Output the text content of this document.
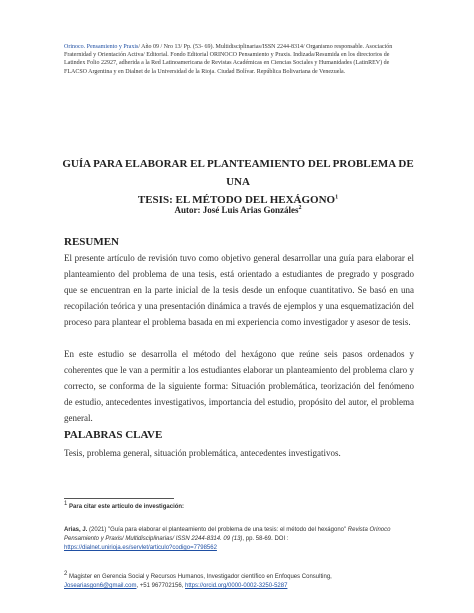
Orinoco. Pensamiento y Praxis/ Año 09 / Nro 13/ Pp. (53- 69). Multidisciplinarias/ISSN 2244-8314/ Organismo responsable. Asociación Fraternidad y Orientación Activa/ Editorial. Fondo Editorial ORINOCO Pensamiento y Praxis. Indizada/Resumida en los directorios de Latindex Folio 22927, adherida a la Red Latinoamericana de Revistas Académicas en Ciencias Sociales y Humanidades (LatinREV) de FLACSO Argentina y en Dialnet de la Universidad de la Rioja. Ciudad Bolívar. República Bolivariana de Venezuela.
GUÍA PARA ELABORAR EL PLANTEAMIENTO DEL PROBLEMA DE UNA
TESIS: EL MÉTODO DEL HEXÁGONO$^1$
Autor: José Luis Arias Gonzáles$^2$
RESUMEN
El presente artículo de revisión tuvo como objetivo general desarrollar una guía para elaborar el planteamiento del problema de una tesis, está orientado a estudiantes de pregrado y posgrado que se encuentran en la parte inicial de la tesis desde un enfoque cuantitativo. Se basó en una recopilación teórica y una presentación dinámica a través de ejemplos y una esquematización del proceso para plantear el problema basada en mi experiencia como investigador y asesor de tesis.
En este estudio se desarrolla el método del hexágono que reúne seis pasos ordenados y coherentes que le van a permitir a los estudiantes elaborar un planteamiento del problema claro y correcto, se conforma de la siguiente forma: Situación problemática, teorización del fenómeno de estudio, antecedentes investigativos, importancia del estudio, propósito del autor, el problema general.
PALABRAS CLAVE
Tesis, problema general, situación problemática, antecedentes investigativos.
$^1$ Para citar este artículo de investigación:
Arias, J. (2021) "Guía para elaborar el planteamiento del problema de una tesis: el método del hexágono" Revista Orinoco Pensamiento y Praxis/ Multidisciplinarias/ ISSN 2244-8314. 09 (13), pp. 58-69. DOI :
https://dialnet.unirioja.es/servlet/articulo?codigo=7798562
$^2$ Magister en Gerencia Social y Recursos Humanos, Investigador científico en Enfoques Consulting,
Josea​riasgon6@gmail.com, +51 967702156, https://orcid.org/0000-0002-3250-5287
